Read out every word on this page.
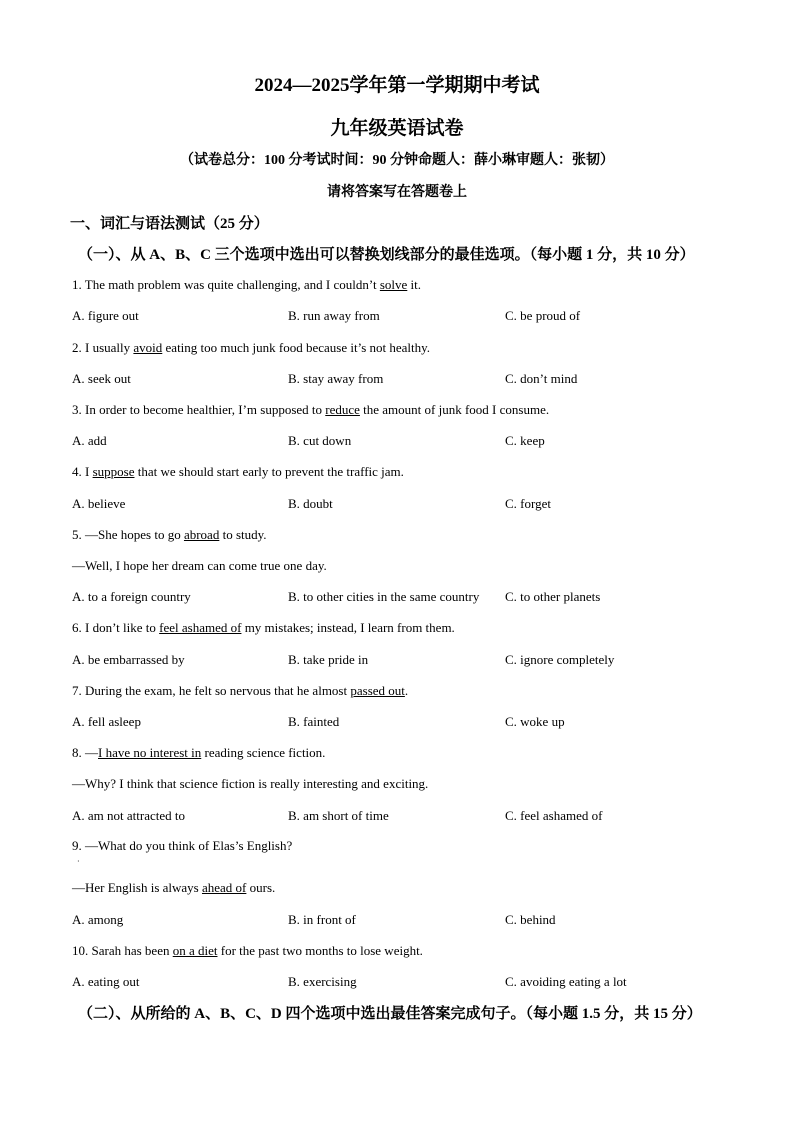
2024—2025学年第一学期期中考试
九年级英语试卷
（试卷总分：100 分考试时间：90 分钟命题人：薛小琳审题人：张韧）
请将答案写在答题卷上
一、词汇与语法测试（25 分）
（一）、从 A、B、C 三个选项中选出可以替换划线部分的最佳选项。（每小题 1 分，共 10 分）
1. The math problem was quite challenging, and I couldn’t solve it.
A. figure out	B. run away from	C. be proud of
2. I usually avoid eating too much junk food because it’s not healthy.
A. seek out	B. stay away from	C. don’t mind
3. In order to become healthier, I’m supposed to reduce the amount of junk food I consume.
A. add	B. cut down	C. keep
4. I suppose that we should start early to prevent the traffic jam.
A. believe	B. doubt	C. forget
5. —She hopes to go abroad to study.
—Well, I hope her dream can come true one day.
A. to a foreign country	B. to other cities in the same country C. to other planets
6. I don’t like to feel ashamed of my mistakes; instead, I learn from them.
A. be embarrassed by	B. take pride in	C. ignore completely
7. During the exam, he felt so nervous that he almost passed out.
A. fell asleep	B. fainted	C. woke up
8. —I have no interest in reading science fiction.
—Why? I think that science fiction is really interesting and exciting.
A. am not attracted to	B. am short of time	C. feel ashamed of
9. —What do you think of Elas’s English?
·
—Her English is always ahead of ours.
A. among	B. in front of	C. behind
10. Sarah has been on a diet for the past two months to lose weight.
A. eating out	B. exercising	C. avoiding eating a lot
（二）、从所给的 A、B、C、D 四个选项中选出最佳答案完成句子。（每小题 1.5 分，共 15 分）
